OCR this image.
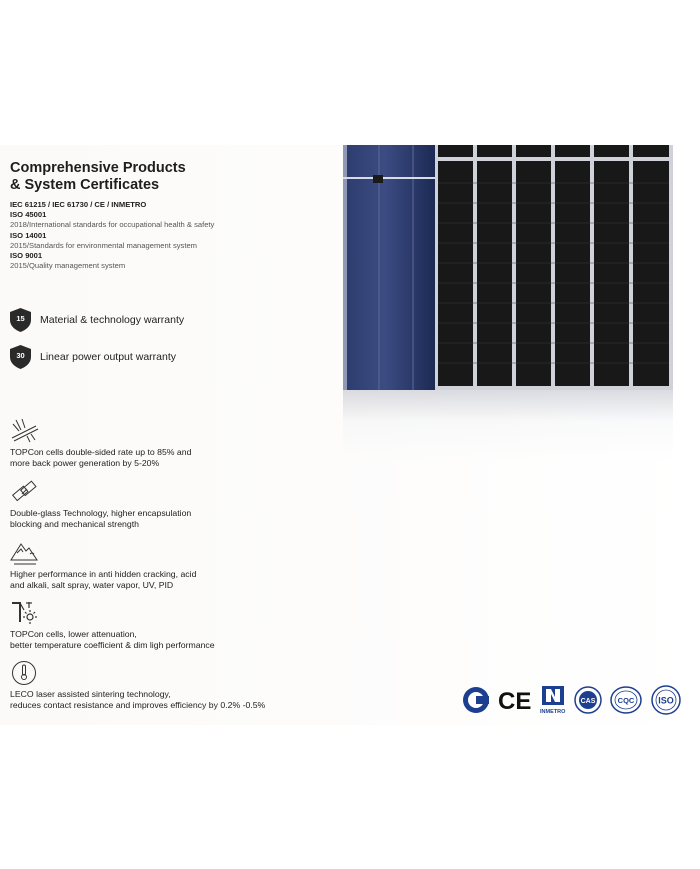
Comprehensive Products
& System Certificates
IEC 61215 / IEC 61730 / CE / INMETRO
ISO 45001
2018/International standards for occupational health & safety
ISO 14001
2015/Standards for environmental management system
ISO 9001
2015/Quality management system
15	Material & technology warranty
30	Linear power output warranty
TOPCon cells double-sided rate up to 85% and
more back power generation by 5-20%
Double-glass Technology, higher encapsulation
blocking and mechanical strength
Higher performance in anti hidden cracking, acid
and alkali, salt spray, water vapor, UV, PID
TOPCon cells, lower attenuation,
better temperature coefficient & dim ligh performance
LECO laser assisted sintering technology,
reduces contact resistance and improves efficiency by 0.2% -0.5%	CE INMETRO
CAS	CQC	ISO
